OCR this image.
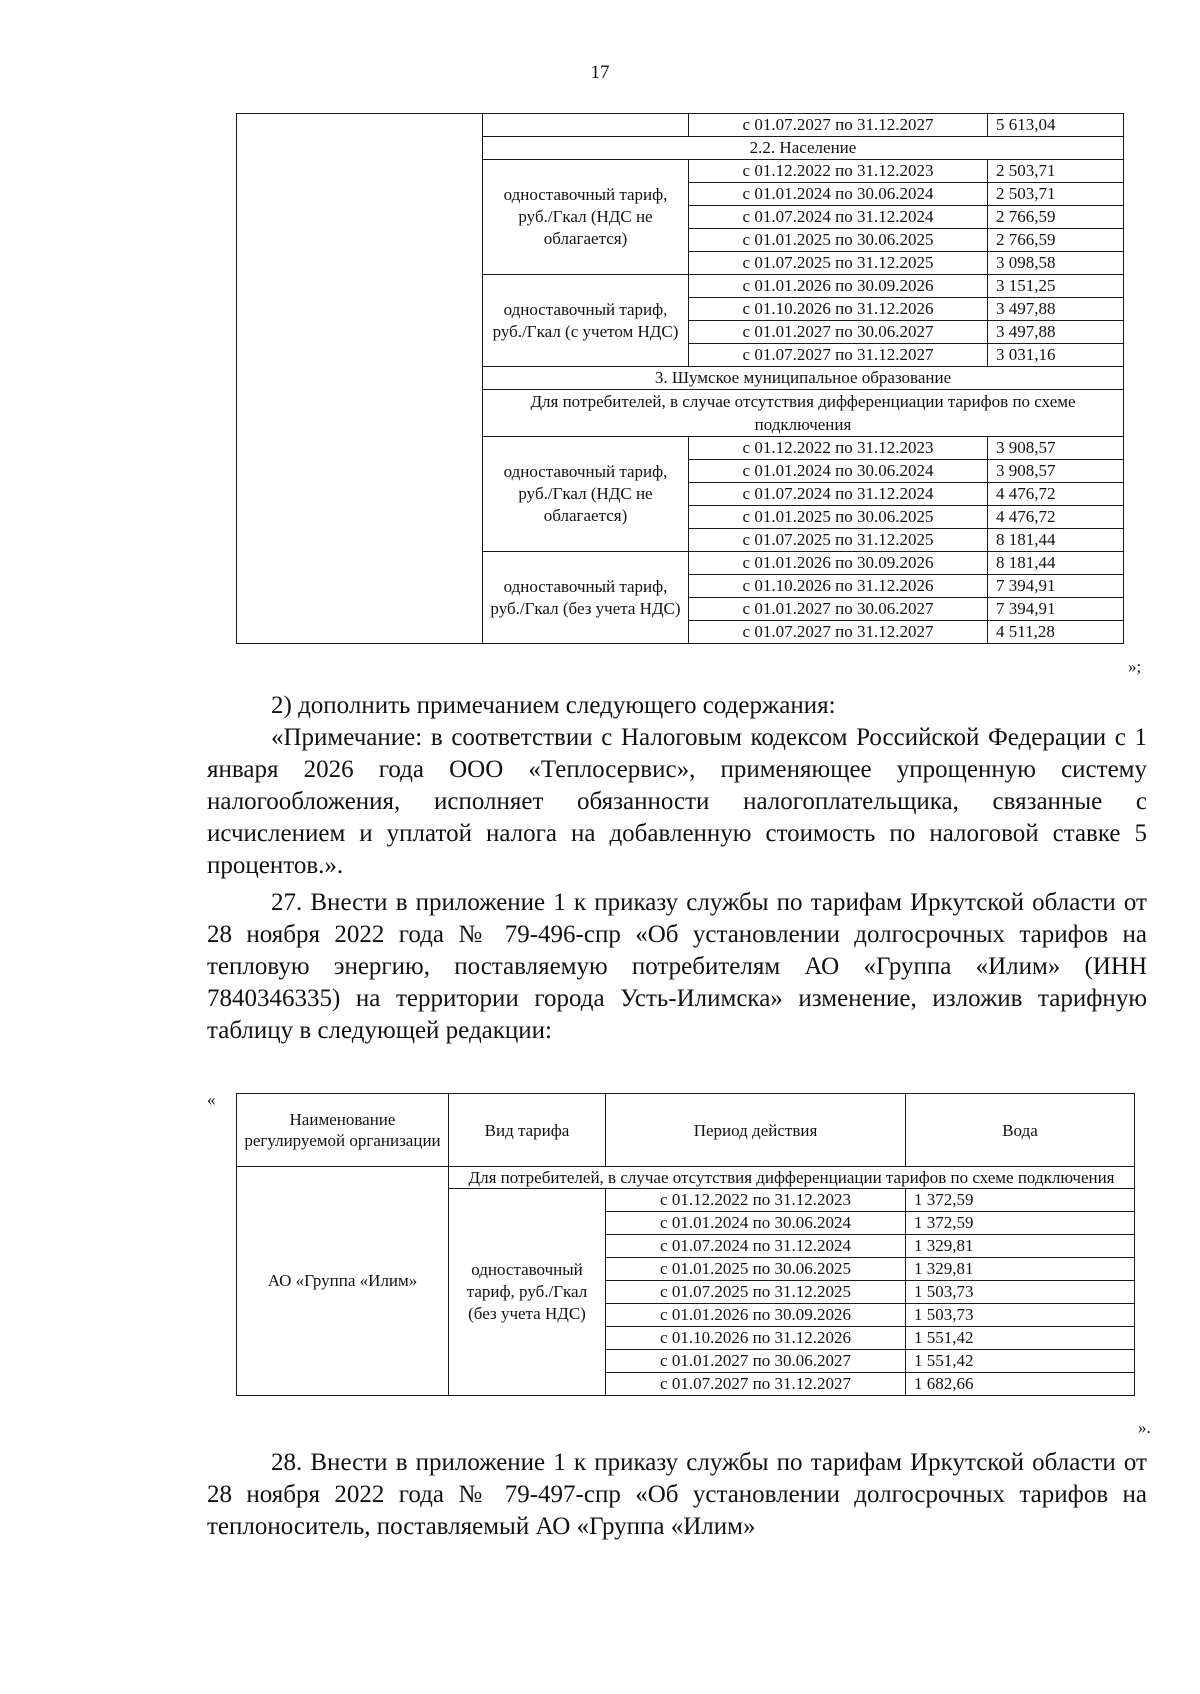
17
		с 01.07.2027 по 31.12.2027	5 613,04
	2.2. Население		
	одноставочный тариф, руб./Гкал (НДС не облагается)	с 01.12.2022 по 31.12.2023	2 503,71
		с 01.01.2024 по 30.06.2024	2 503,71
		с 01.07.2024 по 31.12.2024	2 766,59
		с 01.01.2025 по 30.06.2025	2 766,59
		с 01.07.2025 по 31.12.2025	3 098,58
	одноставочный тариф, руб./Гкал (с учетом НДС)	с 01.01.2026 по 30.09.2026	3 151,25
		с 01.10.2026 по 31.12.2026	3 497,88
		с 01.01.2027 по 30.06.2027	3 497,88
		с 01.07.2027 по 31.12.2027	3 031,16
	3. Шумское муниципальное образование		
	Для потребителей, в случае отсутствия дифференциации тарифов по схеме подключения		
	одноставочный тариф, руб./Гкал (НДС не облагается)	с 01.12.2022 по 31.12.2023	3 908,57
		с 01.01.2024 по 30.06.2024	3 908,57
		с 01.07.2024 по 31.12.2024	4 476,72
		с 01.01.2025 по 30.06.2025	4 476,72
		с 01.07.2025 по 31.12.2025	8 181,44
	одноставочный тариф, руб./Гкал (без учета НДС)	с 01.01.2026 по 30.09.2026	8 181,44
		с 01.10.2026 по 31.12.2026	7 394,91
		с 01.01.2027 по 30.06.2027	7 394,91
		с 01.07.2027 по 31.12.2027	4 511,28
»;

2) дополнить примечанием следующего содержания:

«Примечание: в соответствии с Налоговым кодексом Российской Федерации с 1 января 2026 года ООО «Теплосервис», применяющее упрощенную систему налогообложения, исполняет обязанности налогоплательщика, связанные с исчислением и уплатой налога на добавленную стоимость по налоговой ставке 5 процентов.».

27. Внести в приложение 1 к приказу службы по тарифам Иркутской области от 28 ноября 2022 года № 79-496-спр «Об установлении долгосрочных тарифов на тепловую энергию, поставляемую потребителям АО «Группа «Илим» (ИНН 7840346335) на территории города Усть-Илимска» изменение, изложив тарифную таблицу в следующей редакции:

«
Наименование регулируемой организации	Вид тарифа	Период действия	Вода
АО «Группа «Илим»	Для потребителей, в случае отсутствия дифференциации тарифов по схеме подключения		
	одноставочный тариф, руб./Гкал (без учета НДС)	с 01.12.2022 по 31.12.2023	1 372,59
		с 01.01.2024 по 30.06.2024	1 372,59
		с 01.07.2024 по 31.12.2024	1 329,81
		с 01.01.2025 по 30.06.2025	1 329,81
		с 01.07.2025 по 31.12.2025	1 503,73
		с 01.01.2026 по 30.09.2026	1 503,73
		с 01.10.2026 по 31.12.2026	1 551,42
		с 01.01.2027 по 30.06.2027	1 551,42
		с 01.07.2027 по 31.12.2027	1 682,66
».

28. Внести в приложение 1 к приказу службы по тарифам Иркутской области от 28 ноября 2022 года № 79-497-спр «Об установлении долгосрочных тарифов на теплоноситель, поставляемый АО «Группа «Илим»
